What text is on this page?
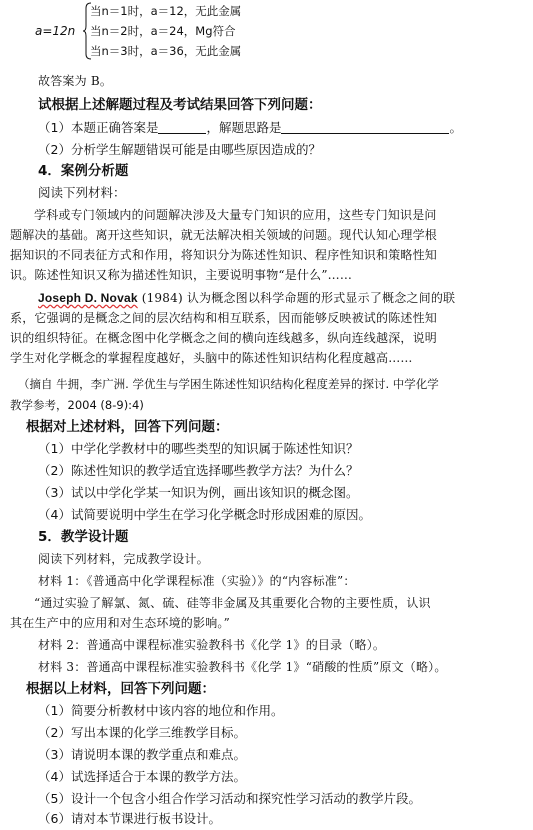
a=12n
当n＝1时，a＝12，无此金属
当n＝2时，a＝24，Mg符合
当n＝3时，a＝36，无此金属
故答案为 B。
试根据上述解题过程及考试结果回答下列问题：
（1）本题正确答案是	，解题思路是	。
（2）分析学生解题错误可能是由哪些原因造成的？
4．案例分析题
阅读下列材料：
学科或专门领域内的问题解决涉及大量专门知识的应用，这些专门知识是问
题解决的基础。离开这些知识，就无法解决相关领域的问题。现代认知心理学根
据知识的不同表征方式和作用，将知识分为陈述性知识、程序性知识和策略性知
识。陈述性知识又称为描述性知识，主要说明事物“是什么”……
Joseph D. Novak (1984) 认为概念图以科学命题的形式显示了概念之间的联
系，它强调的是概念之间的层次结构和相互联系，因而能够反映被试的陈述性知
识的组织特征。在概念图中化学概念之间的横向连线越多，纵向连线越深，说明
学生对化学概念的掌握程度越好，头脑中的陈述性知识结构化程度越高……
（摘自 牛拥，李广洲. 学优生与学困生陈述性知识结构化程度差异的探讨. 中学化学
教学参考，2004 (8-9):4)
根据对上述材料，回答下列问题：
（1）中学化学教材中的哪些类型的知识属于陈述性知识？
（2）陈述性知识的教学适宜选择哪些教学方法？为什么？
（3）试以中学化学某一知识为例，画出该知识的概念图。
（4）试简要说明中学生在学习化学概念时形成困难的原因。
5．教学设计题
阅读下列材料，完成教学设计。
材料 1：《普通高中化学课程标准（实验）》的“内容标准”：
“通过实验了解氯、氮、硫、硅等非金属及其重要化合物的主要性质，认识
其在生产中的应用和对生态环境的影响。”
材料 2：普通高中课程标准实验教科书《化学 1》的目录（略）。
材料 3：普通高中课程标准实验教科书《化学 1》“硝酸的性质”原文（略）。
根据以上材料，回答下列问题：
（1）简要分析教材中该内容的地位和作用。
（2）写出本课的化学三维教学目标。
（3）请说明本课的教学重点和难点。
（4）试选择适合于本课的教学方法。
（5）设计一个包含小组合作学习活动和探究性学习活动的教学片段。
（6）请对本节课进行板书设计。
